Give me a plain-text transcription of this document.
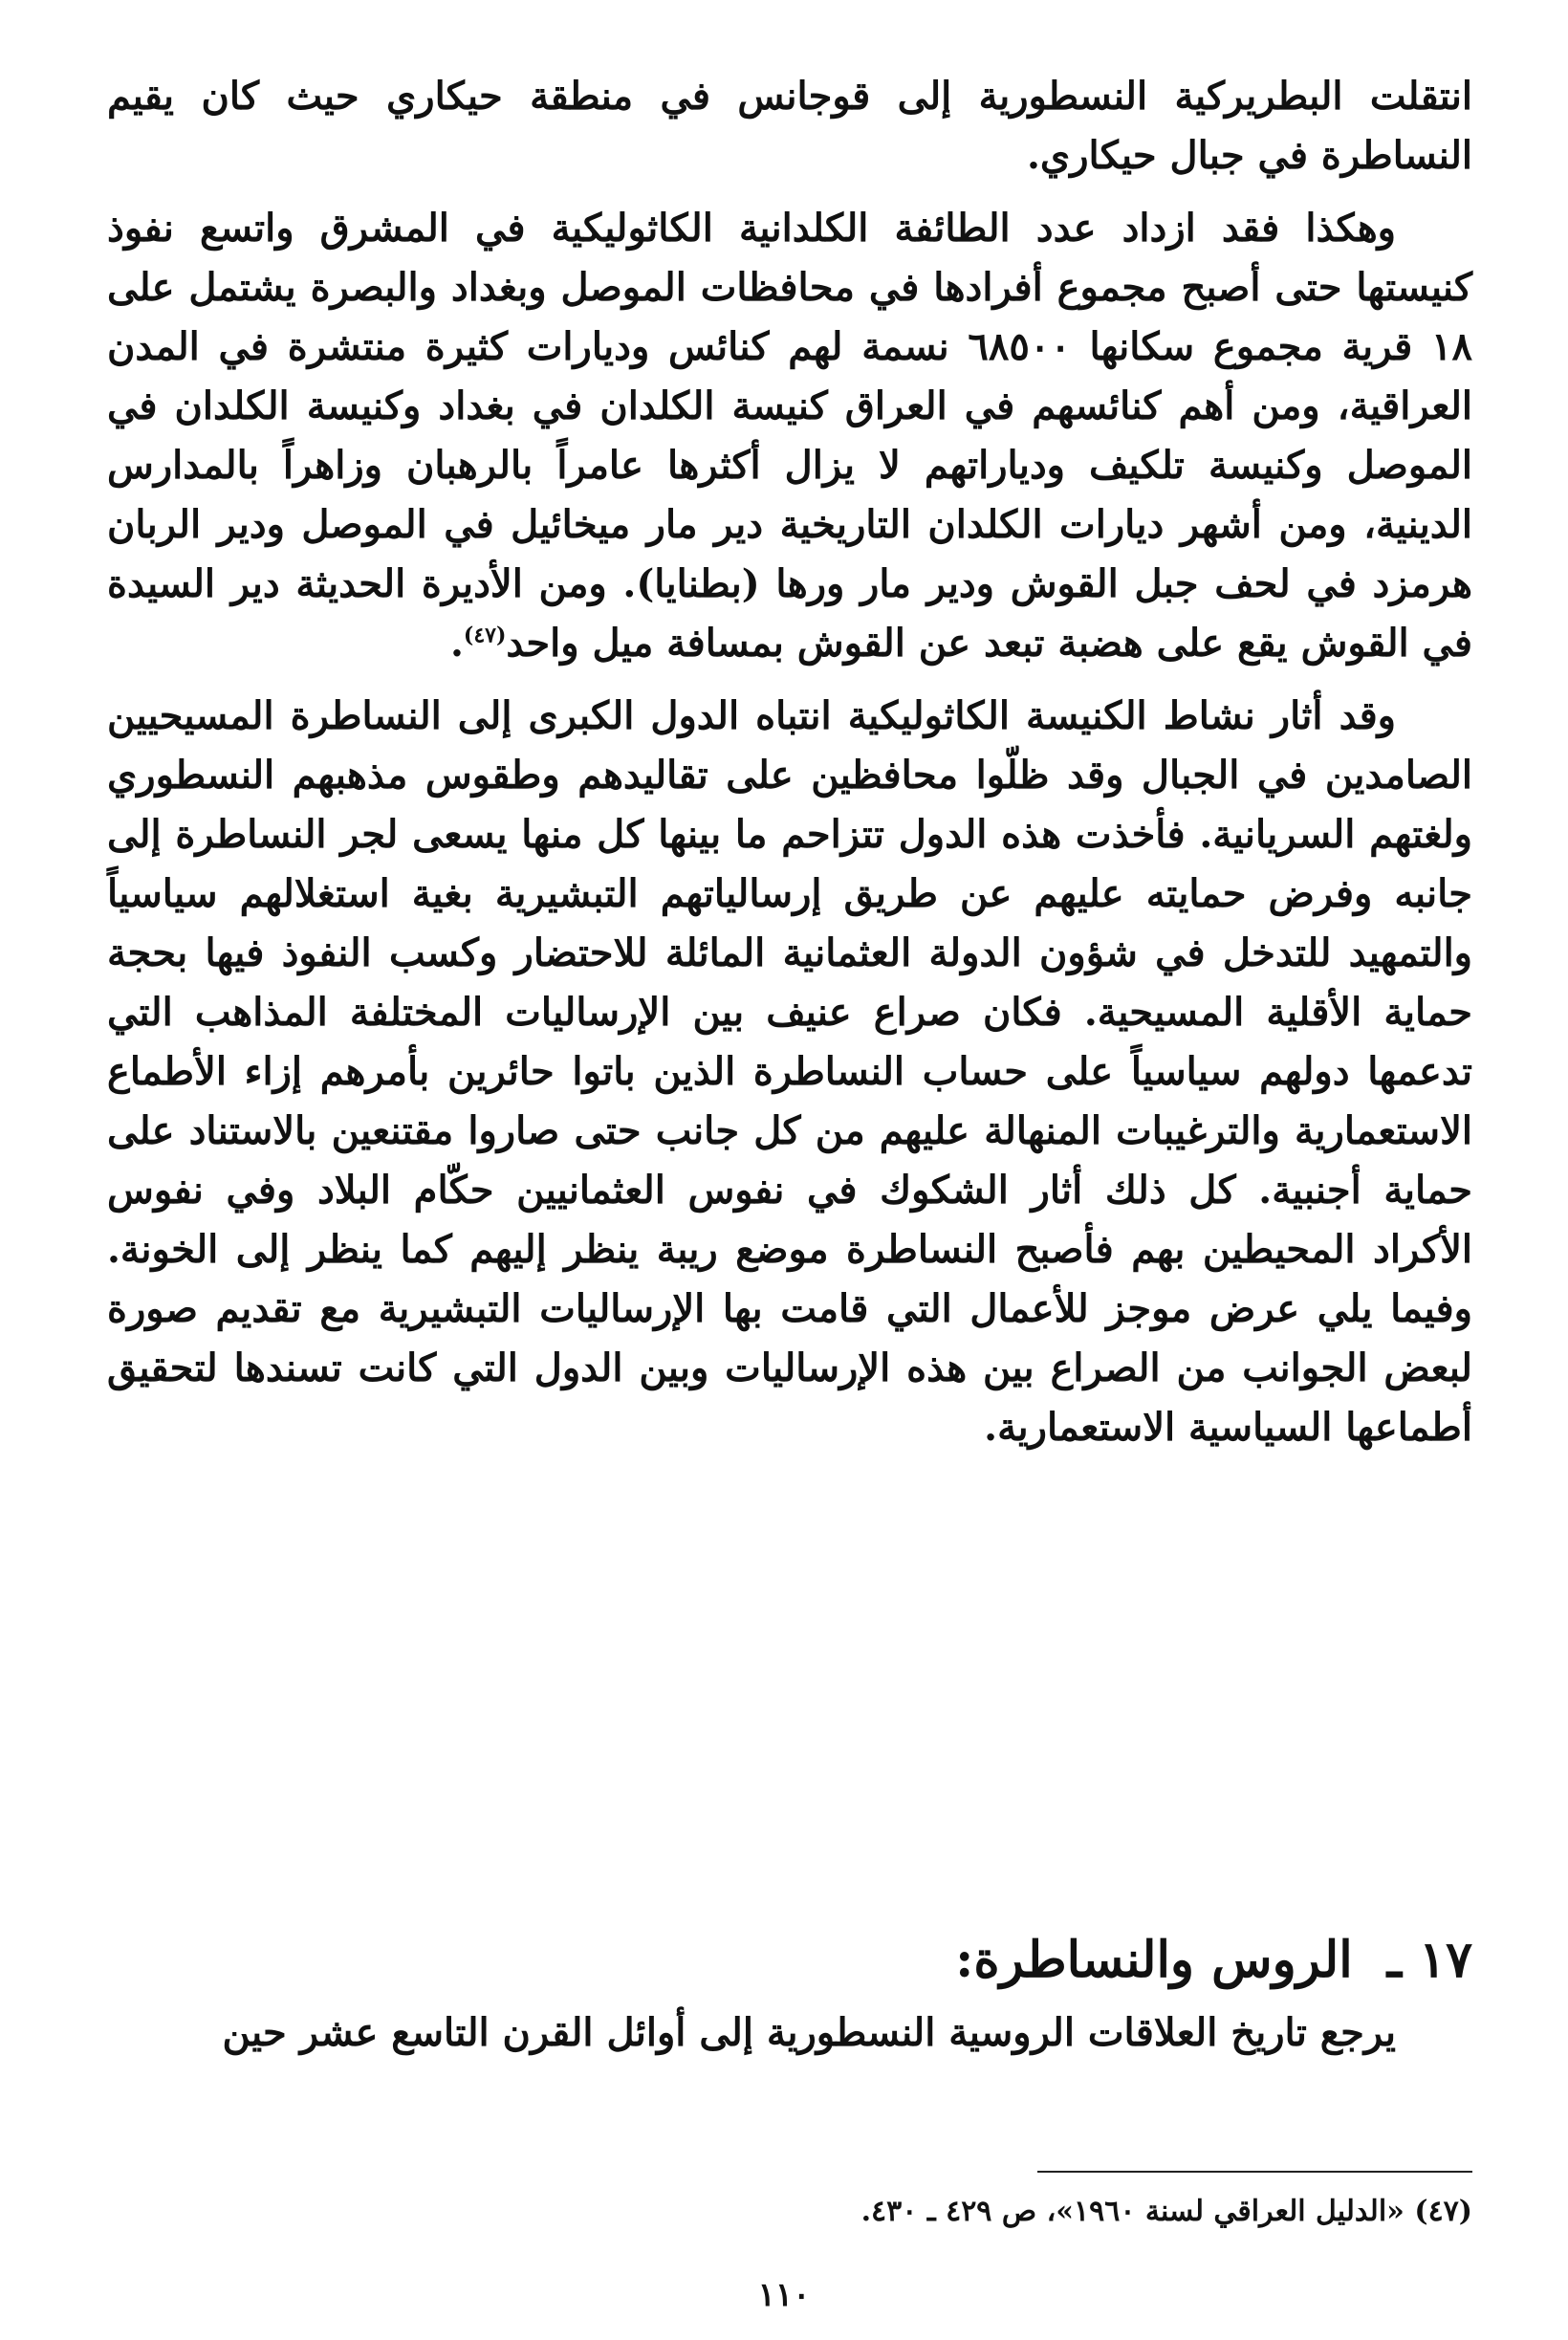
انتقلت البطريركية النسطورية إلى قوجانس في منطقة حيكاري حيث كان يقيم النساطرة في جبال حيكاري.

وهكذا فقد ازداد عدد الطائفة الكلدانية الكاثوليكية في المشرق واتسع نفوذ كنيستها حتى أصبح مجموع أفرادها في محافظات الموصل وبغداد والبصرة يشتمل على ١٨ قرية مجموع سكانها ٦٨٥٠٠ نسمة لهم كنائس وديارات كثيرة منتشرة في المدن العراقية، ومن أهم كنائسهم في العراق كنيسة الكلدان في بغداد وكنيسة الكلدان في الموصل وكنيسة تلكيف ودياراتهم لا يزال أكثرها عامراً بالرهبان وزاهراً بالمدارس الدينية، ومن أشهر ديارات الكلدان التاريخية دير مار ميخائيل في الموصل ودير الربان هرمزد في لحف جبل القوش ودير مار ورها (بطنايا). ومن الأديرة الحديثة دير السيدة في القوش يقع على هضبة تبعد عن القوش بمسافة ميل واحد$^{(٤٧)}$.

وقد أثار نشاط الكنيسة الكاثوليكية انتباه الدول الكبرى إلى النساطرة المسيحيين الصامدين في الجبال وقد ظلّوا محافظين على تقاليدهم وطقوس مذهبهم النسطوري ولغتهم السريانية. فأخذت هذه الدول تتزاحم ما بينها كل منها يسعى لجر النساطرة إلى جانبه وفرض حمايته عليهم عن طريق إرسالياتهم التبشيرية بغية استغلالهم سياسياً والتمهيد للتدخل في شؤون الدولة العثمانية المائلة للاحتضار وكسب النفوذ فيها بحجة حماية الأقلية المسيحية. فكان صراع عنيف بين الإرساليات المختلفة المذاهب التي تدعمها دولهم سياسياً على حساب النساطرة الذين باتوا حائرين بأمرهم إزاء الأطماع الاستعمارية والترغيبات المنهالة عليهم من كل جانب حتى صاروا مقتنعين بالاستناد على حماية أجنبية. كل ذلك أثار الشكوك في نفوس العثمانيين حكّام البلاد وفي نفوس الأكراد المحيطين بهم فأصبح النساطرة موضع ريبة ينظر إليهم كما ينظر إلى الخونة. وفيما يلي عرض موجز للأعمال التي قامت بها الإرساليات التبشيرية مع تقديم صورة لبعض الجوانب من الصراع بين هذه الإرساليات وبين الدول التي كانت تسندها لتحقيق أطماعها السياسية الاستعمارية.

١٧ ـ الروس والنساطرة:

يرجع تاريخ العلاقات الروسية النسطورية إلى أوائل القرن التاسع عشر حين

(٤٧) «الدليل العراقي لسنة ١٩٦٠»، ص ٤٢٩ ـ ٤٣٠.

١١٠
